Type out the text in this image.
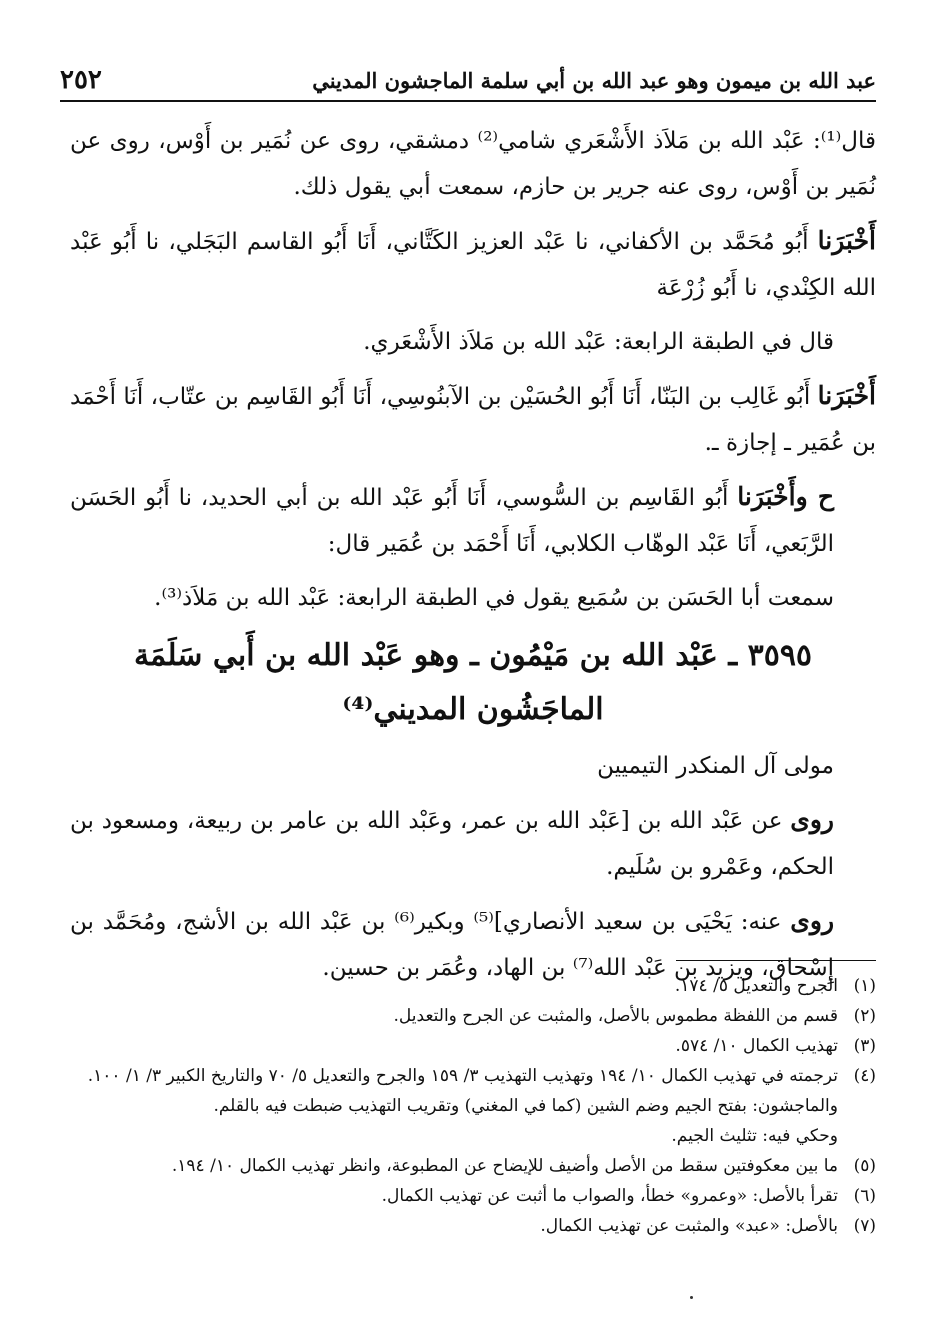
عبد الله بن ميمون وهو عبد الله بن أبي سلمة الماجشون المديني
٢٥٢

قال⁽¹⁾: عَبْد الله بن مَلاَذ الأَشْعَري شامي⁽²⁾ دمشقي، روى عن نُمَير بن أَوْس، روى عن نُمَير بن أَوْس، روى عنه جرير بن حازم، سمعت أبي يقول ذلك.

أَخْبَرَنا أَبُو مُحَمَّد بن الأكفاني، نا عَبْد العزيز الكَتَّاني، أَنَا أَبُو القاسم البَجَلي، نا أَبُو عَبْد الله الكِنْدي، نا أَبُو زُرْعَة

قال في الطبقة الرابعة: عَبْد الله بن مَلاَذ الأَشْعَري.

أَخْبَرَنا أَبُو غَالِب بن البَنّا، أَنَا أَبُو الحُسَيْن بن الآبنُوسِي، أَنَا أَبُو القَاسِم بن عتّاب، أَنَا أَحْمَد بن عُمَير ـ إجازة ـ.

ح وأَخْبَرَنا أَبُو القَاسِم بن السُّوسي، أَنَا أَبُو عَبْد الله بن أبي الحديد، نا أَبُو الحَسَن الرَّبَعي، أَنَا عَبْد الوهّاب الكلابي، أَنَا أَحْمَد بن عُمَير قال:

سمعت أبا الحَسَن بن سُمَيع يقول في الطبقة الرابعة: عَبْد الله بن مَلاَذ⁽³⁾.

٣٥٩٥ ـ عَبْد الله بن مَيْمُون ـ وهو عَبْد الله بن أَبي سَلَمَة الماجَشُون المديني⁽⁴⁾

مولى آل المنكدر التيميين

روى عن عَبْد الله بن [عَبْد الله بن عمر، وعَبْد الله بن عامر بن ربيعة، ومسعود بن الحكم، وعَمْرو بن سُلَيم.

روى عنه: يَحْيَى بن سعيد الأنصاري]⁽⁵⁾ وبكير⁽⁶⁾ بن عَبْد الله بن الأشج، ومُحَمَّد بن إِسْحاق، ويزيد بن عَبْد الله⁽⁷⁾ بن الهاد، وعُمَر بن حسين.

(١)
الجرح والتعديل ٥/ ١٧٤.
(٢)
قسم من اللفظة مطموس بالأصل، والمثبت عن الجرح والتعديل.
(٣)
تهذيب الكمال ١٠/ ٥٧٤.
(٤)
ترجمته في تهذيب الكمال ١٠/ ١٩٤ وتهذيب التهذيب ٣/ ١٥٩ والجرح والتعديل ٥/ ٧٠ والتاريخ الكبير ٣/ ١/ ١٠٠.
والماجشون: بفتح الجيم وضم الشين (كما في المغني) وتقريب التهذيب ضبطت فيه بالقلم.
وحكي فيه: تثليث الجيم.
(٥)
ما بين معكوفتين سقط من الأصل وأضيف للإيضاح عن المطبوعة، وانظر تهذيب الكمال ١٠/ ١٩٤.
(٦)
تقرأ بالأصل: «وعمرو» خطأ، والصواب ما أثبت عن تهذيب الكمال.
(٧)
بالأصل: «عبد» والمثبت عن تهذيب الكمال.
